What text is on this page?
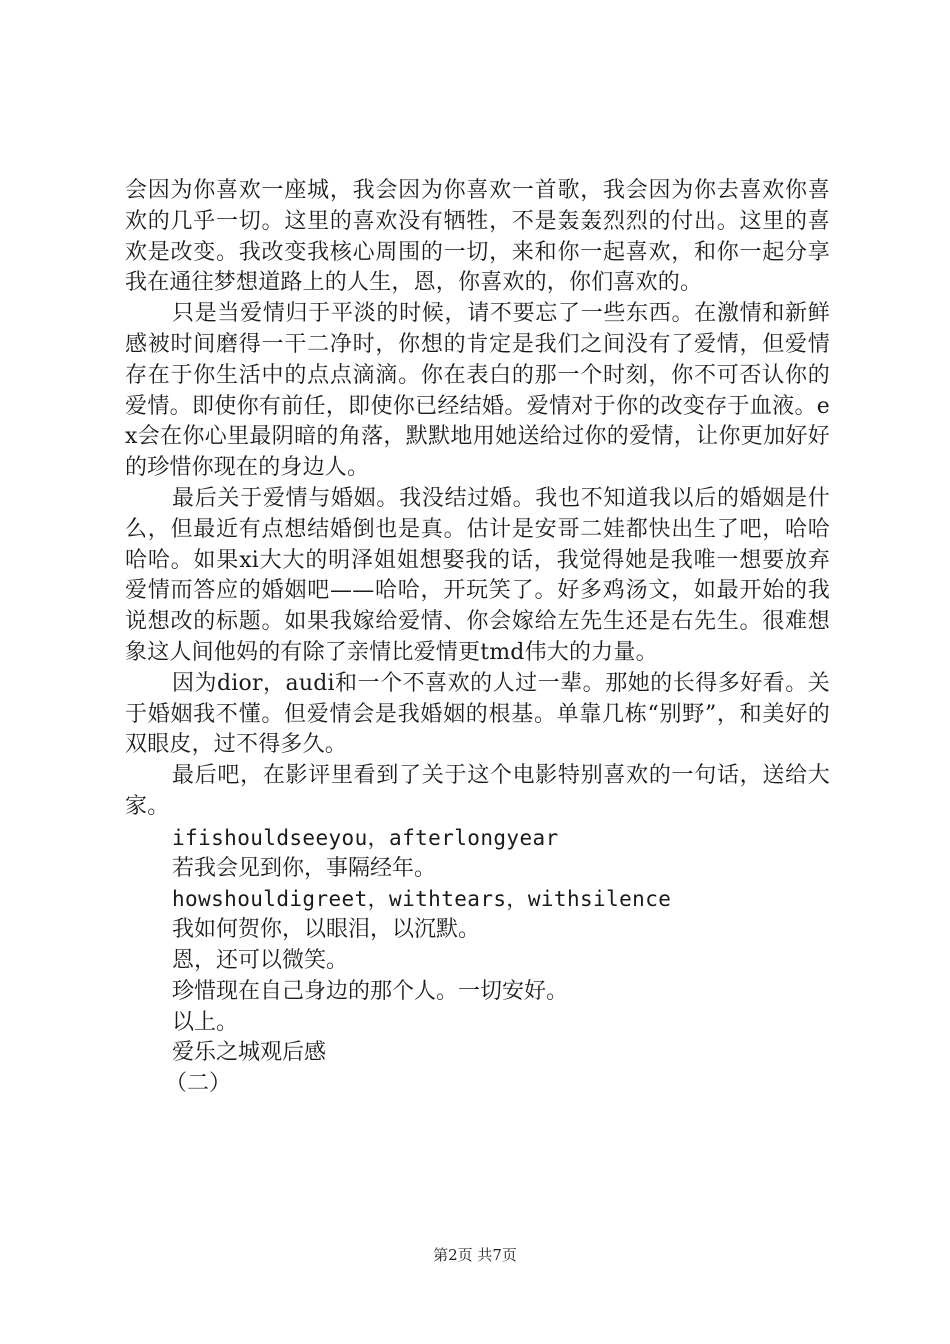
会因为你喜欢一座城，我会因为你喜欢一首歌，我会因为你去喜欢你喜欢的几乎一切。这里的喜欢没有牺牲，不是轰轰烈烈的付出。这里的喜欢是改变。我改变我核心周围的一切，来和你一起喜欢，和你一起分享我在通往梦想道路上的人生，恩，你喜欢的，你们喜欢的。

只是当爱情归于平淡的时候，请不要忘了一些东西。在激情和新鲜感被时间磨得一干二净时，你想的肯定是我们之间没有了爱情，但爱情存在于你生活中的点点滴滴。你在表白的那一个时刻，你不可否认你的爱情。即使你有前任，即使你已经结婚。爱情对于你的改变存于血液。ex会在你心里最阴暗的角落，默默地用她送给过你的爱情，让你更加好好的珍惜你现在的身边人。

最后关于爱情与婚姻。我没结过婚。我也不知道我以后的婚姻是什么，但最近有点想结婚倒也是真。估计是安哥二娃都快出生了吧，哈哈哈哈。如果xi大大的明泽姐姐想娶我的话，我觉得她是我唯一想要放弃爱情而答应的婚姻吧——哈哈，开玩笑了。好多鸡汤文，如最开始的我说想改的标题。如果我嫁给爱情、你会嫁给左先生还是右先生。很难想象这人间他妈的有除了亲情比爱情更tmd伟大的力量。

因为dior，audi和一个不喜欢的人过一辈。那她的长得多好看。关于婚姻我不懂。但爱情会是我婚姻的根基。单靠几栋“别野”，和美好的双眼皮，过不得多久。

最后吧，在影评里看到了关于这个电影特别喜欢的一句话，送给大家。

ifishouldseeyou，afterlongyear

若我会见到你，事隔经年。

howshouldigreet，withtears，withsilence

我如何贺你，以眼泪，以沉默。

恩，还可以微笑。

珍惜现在自己身边的那个人。一切安好。

以上。

爱乐之城观后感

（二）

第2页 共7页
